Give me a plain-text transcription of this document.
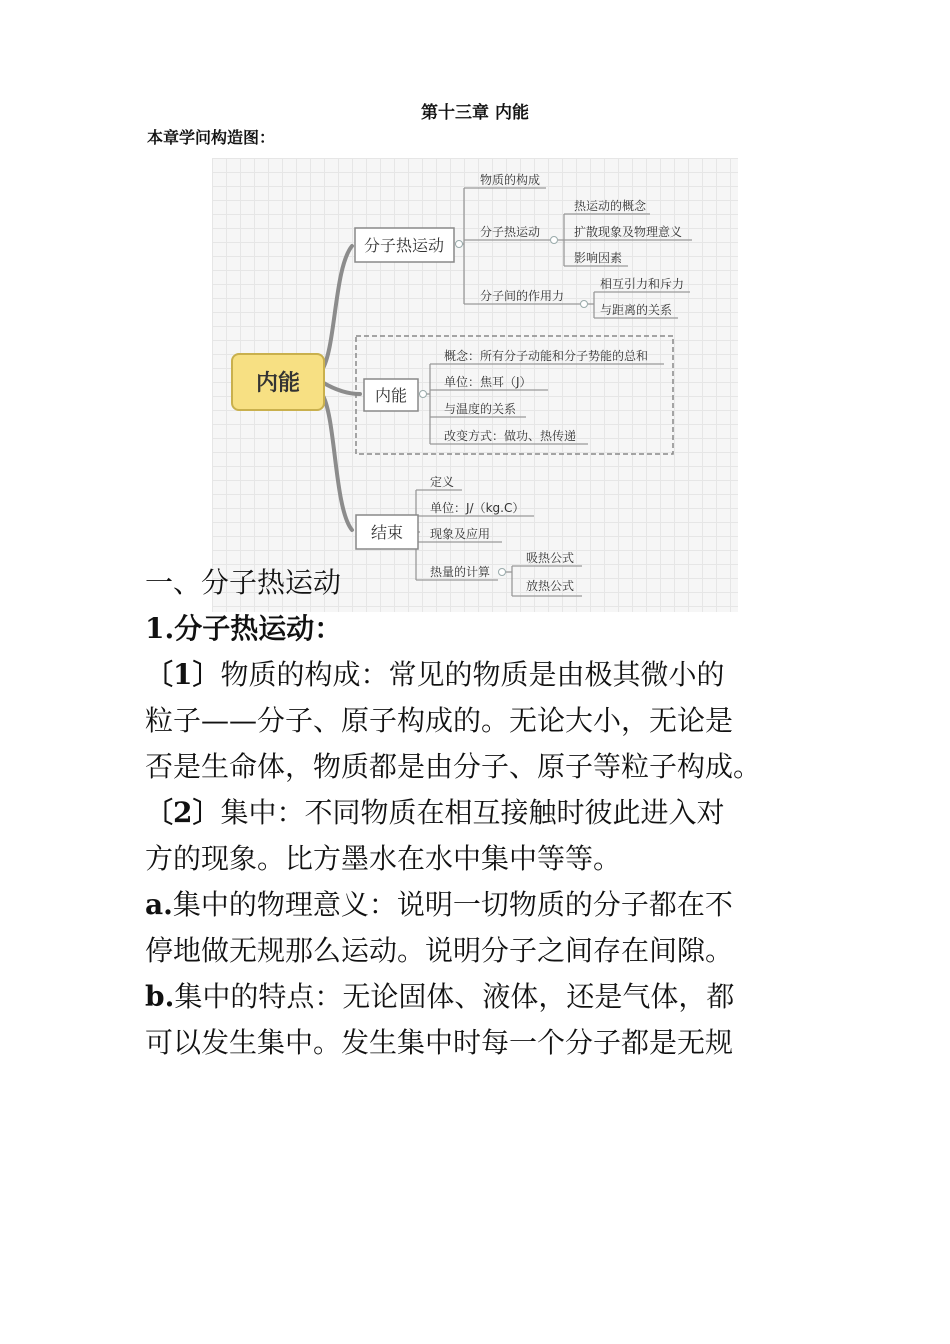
第十三章 内能

本章学问构造图：

内能
分子热运动
内能
结束
物质的构成
分子热运动
热运动的概念
扩散现象及物理意义
影响因素
分子间的作用力
相互引力和斥力
与距离的关系
概念：所有分子动能和分子势能的总和
单位：焦耳（J）
与温度的关系
改变方式：做功、热传递
定义
单位：J/（kg.C）
现象及应用
热量的计算
吸热公式
放热公式

一、分子热运动

1.分子热运动：

〔1〕物质的构成：常见的物质是由极其微小的

粒子——分子、原子构成的。无论大小，无论是

否是生命体，物质都是由分子、原子等粒子构成。

〔2〕集中：不同物质在相互接触时彼此进入对

方的现象。比方墨水在水中集中等等。

a.集中的物理意义：说明一切物质的分子都在不

停地做无规那么运动。说明分子之间存在间隙。

b.集中的特点：无论固体、液体，还是气体，都

可以发生集中。发生集中时每一个分子都是无规
